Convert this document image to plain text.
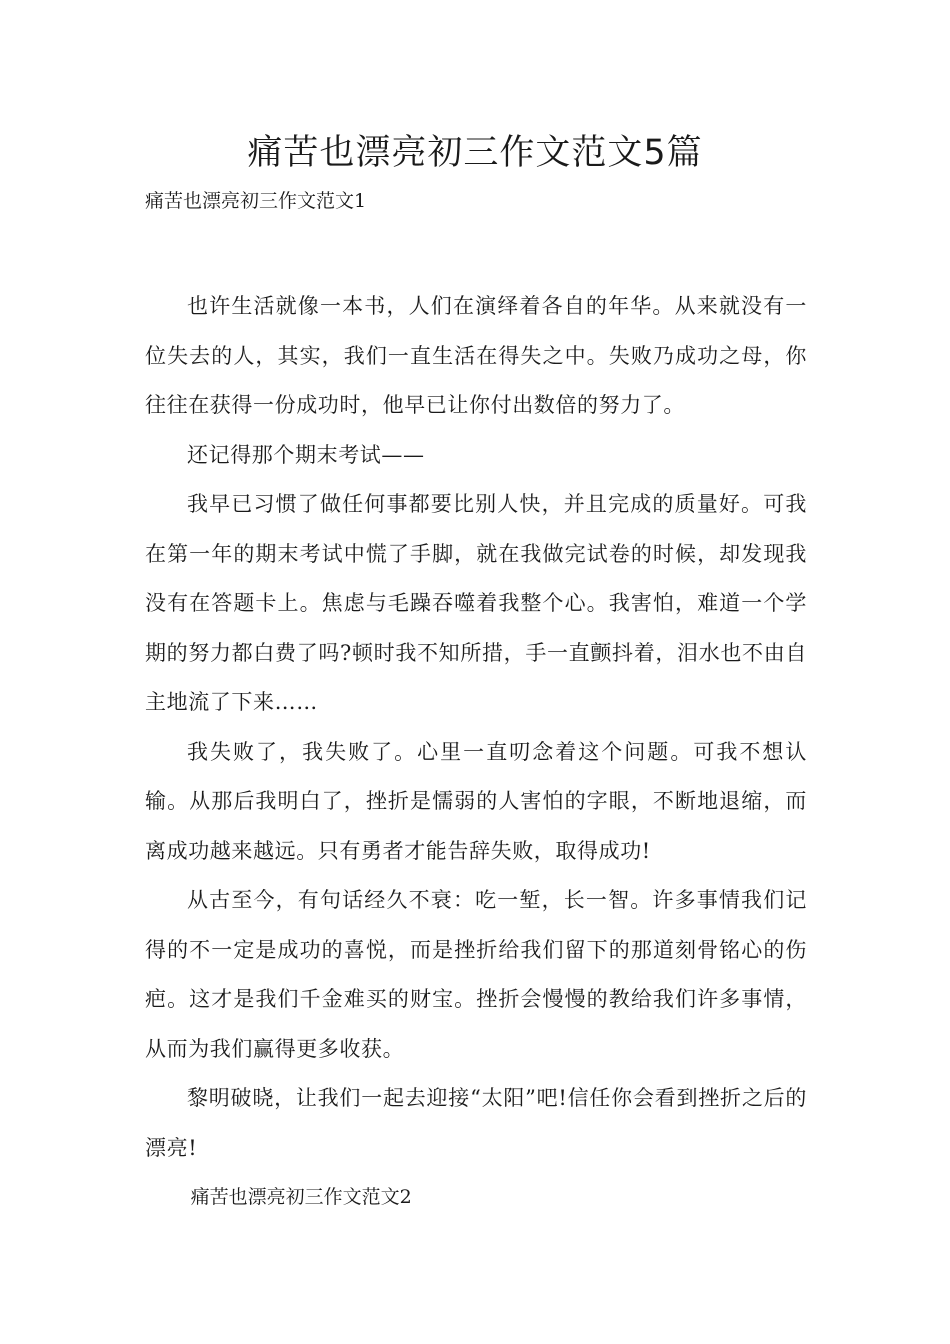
痛苦也漂亮初三作文范文5篇

痛苦也漂亮初三作文范文1

也许生活就像一本书，人们在演绎着各自的年华。从来就没有一位失去的人，其实，我们一直生活在得失之中。失败乃成功之母，你往往在获得一份成功时，他早已让你付出数倍的努力了。

还记得那个期末考试——

我早已习惯了做任何事都要比别人快，并且完成的质量好。可我在第一年的期末考试中慌了手脚，就在我做完试卷的时候，却发现我没有在答题卡上。焦虑与毛躁吞噬着我整个心。我害怕，难道一个学期的努力都白费了吗?顿时我不知所措，手一直颤抖着，泪水也不由自主地流了下来……

我失败了，我失败了。心里一直叨念着这个问题。可我不想认输。从那后我明白了，挫折是懦弱的人害怕的字眼，不断地退缩，而离成功越来越远。只有勇者才能告辞失败，取得成功!

从古至今，有句话经久不衰：吃一堑，长一智。许多事情我们记得的不一定是成功的喜悦，而是挫折给我们留下的那道刻骨铭心的伤疤。这才是我们千金难买的财宝。挫折会慢慢的教给我们许多事情，从而为我们赢得更多收获。

黎明破晓，让我们一起去迎接“太阳”吧!信任你会看到挫折之后的漂亮!

痛苦也漂亮初三作文范文2
